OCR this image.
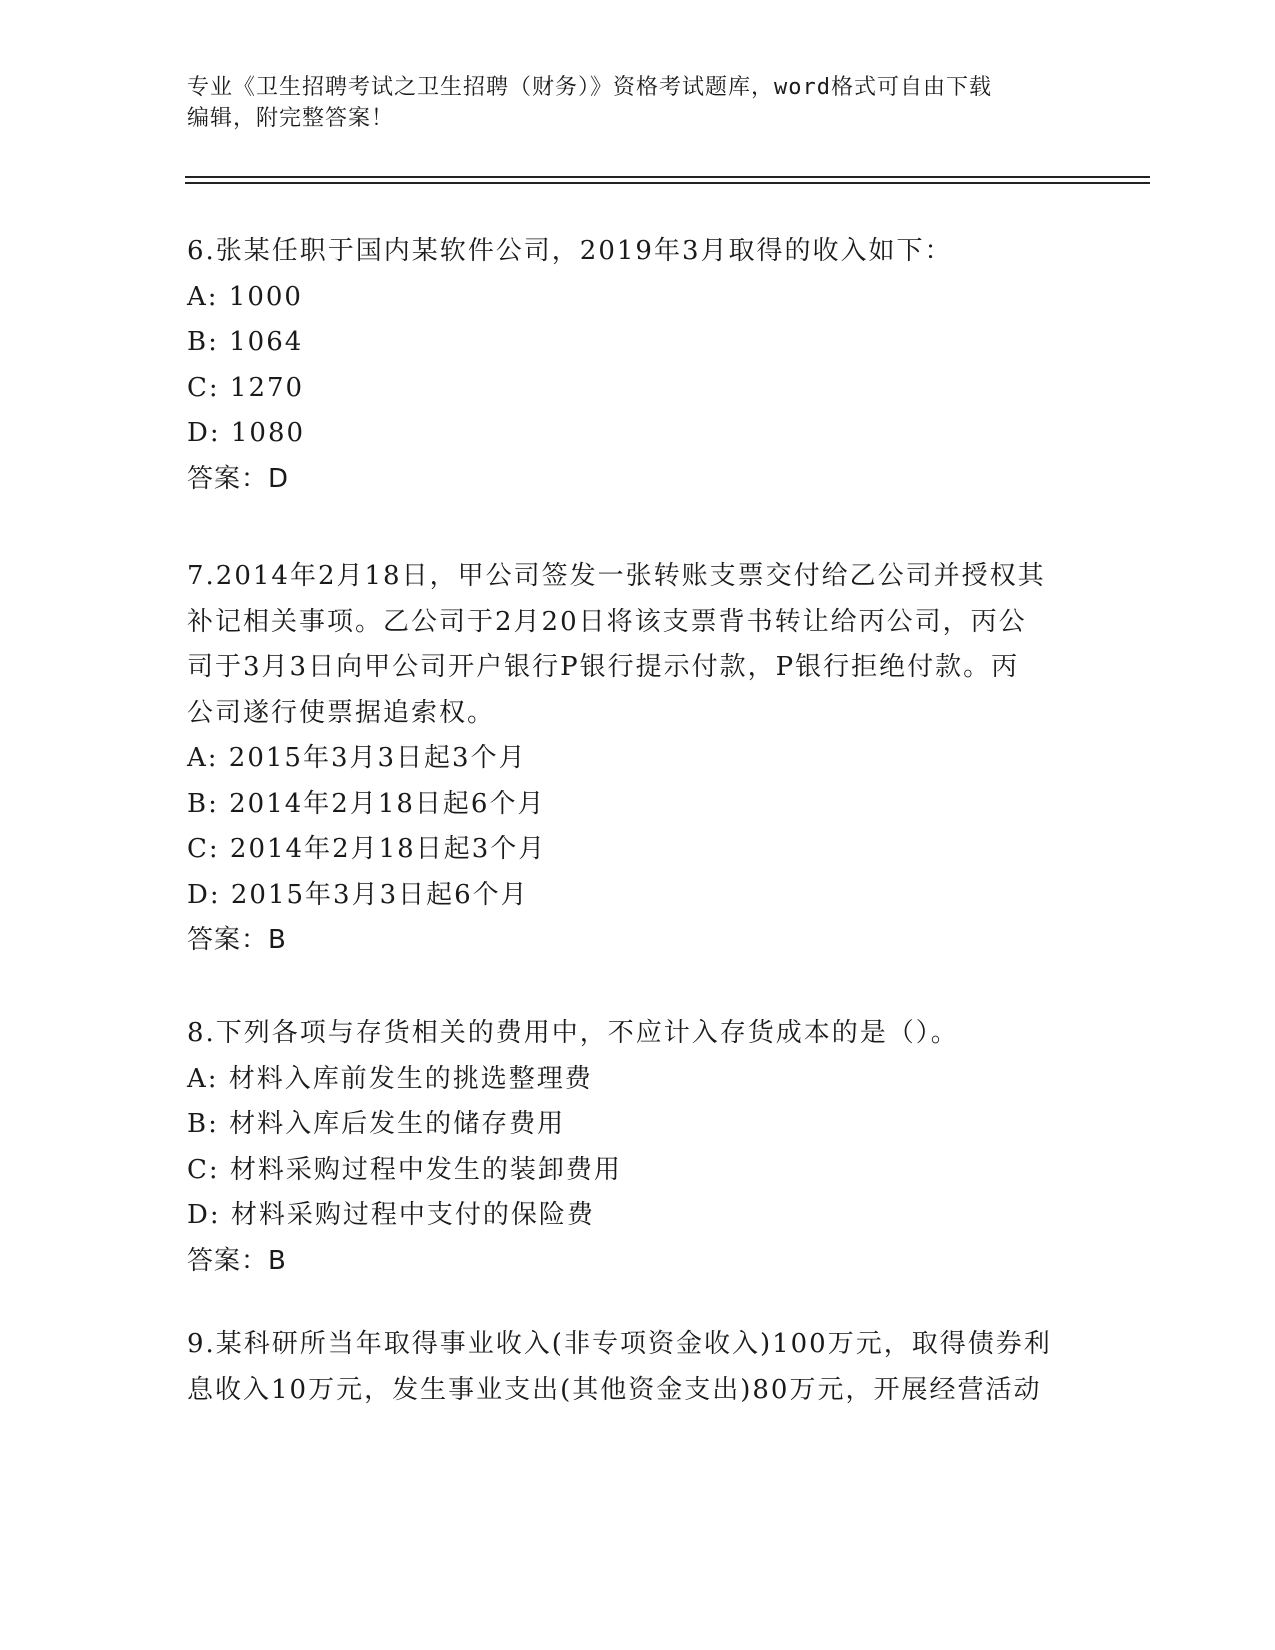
专业《卫生招聘考试之卫生招聘（财务）》资格考试题库，word格式可自由下载
编辑，附完整答案！
6.张某任职于国内某软件公司，2019年3月取得的收入如下：
A: 1000
B: 1064
C: 1270
D: 1080
答案：D
7.2014年2月18日，甲公司签发一张转账支票交付给乙公司并授权其
补记相关事项。乙公司于2月20日将该支票背书转让给丙公司，丙公
司于3月3日向甲公司开户银行P银行提示付款，P银行拒绝付款。丙
公司遂行使票据追索权。
A: 2015年3月3日起3个月
B: 2014年2月18日起6个月
C: 2014年2月18日起3个月
D: 2015年3月3日起6个月
答案：B
8.下列各项与存货相关的费用中，不应计入存货成本的是（）。
A: 材料入库前发生的挑选整理费
B: 材料入库后发生的储存费用
C: 材料采购过程中发生的装卸费用
D: 材料采购过程中支付的保险费
答案：B
9.某科研所当年取得事业收入(非专项资金收入)100万元，取得债券利
息收入10万元，发生事业支出(其他资金支出)80万元，开展经营活动
